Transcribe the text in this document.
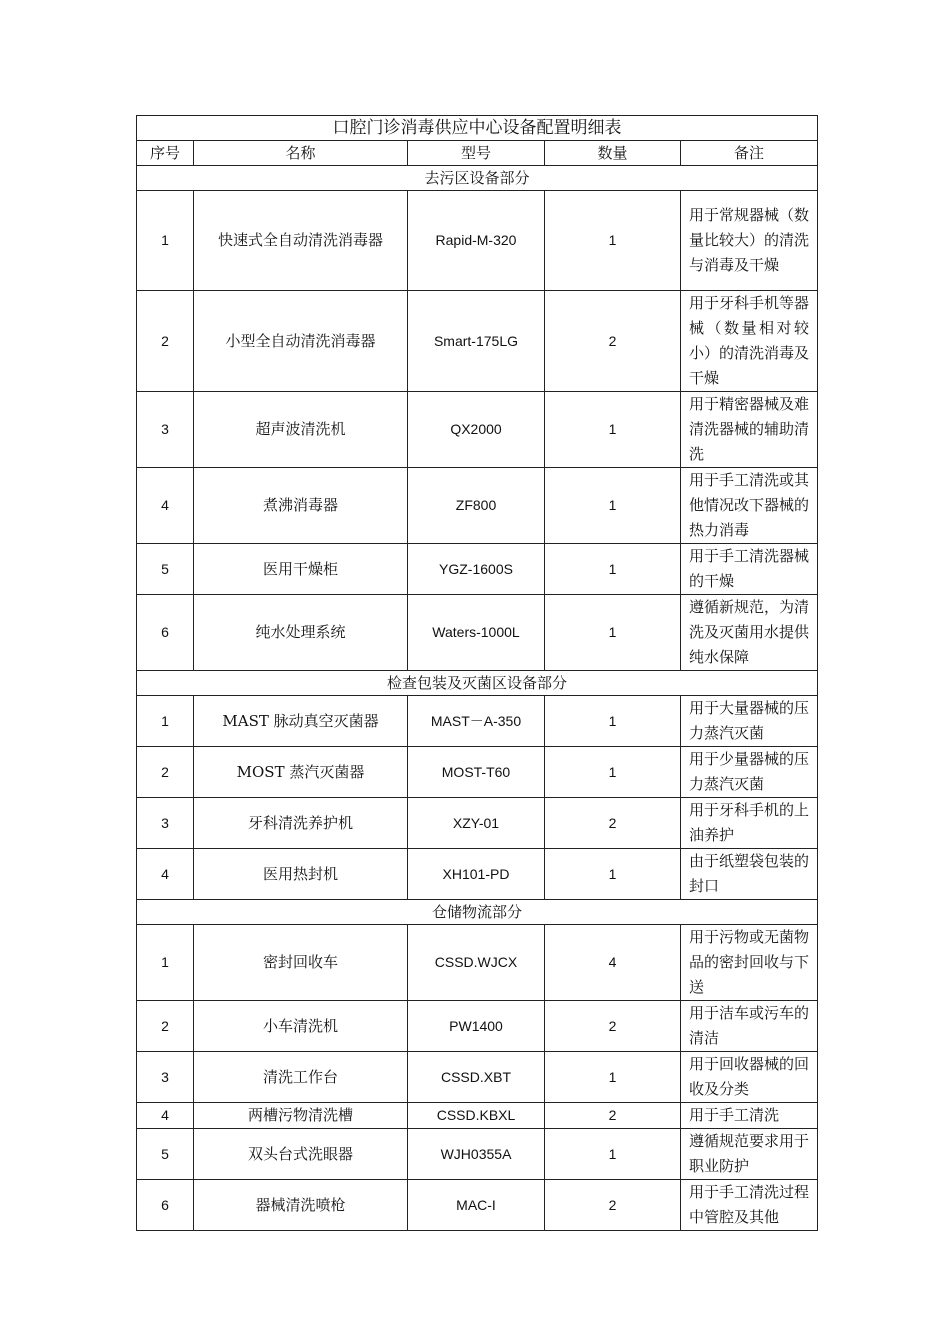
口腔门诊消毒供应中心设备配置明细表				
序号	名称	型号	数量	备注
去污区设备部分				
1	快速式全自动清洗消毒器	Rapid-M-320	1	用于常规器械（数量比较大）的清洗与消毒及干燥
2	小型全自动清洗消毒器	Smart-175LG	2	用于牙科手机等器械（数量相对较小）的清洗消毒及干燥
3	超声波清洗机	QX2000	1	用于精密器械及难清洗器械的辅助清洗
4	煮沸消毒器	ZF800	1	用于手工清洗或其他情况改下器械的热力消毒
5	医用干燥柜	YGZ-1600S	1	用于手工清洗器械的干燥
6	纯水处理系统	Waters-1000L	1	遵循新规范，为清洗及灭菌用水提供纯水保障
检查包装及灭菌区设备部分				
1	MAST 脉动真空灭菌器	MAST－A-350	1	用于大量器械的压力蒸汽灭菌
2	MOST 蒸汽灭菌器	MOST-T60	1	用于少量器械的压力蒸汽灭菌
3	牙科清洗养护机	XZY-01	2	用于牙科手机的上油养护
4	医用热封机	XH101-PD	1	由于纸塑袋包装的封口
仓储物流部分				
1	密封回收车	CSSD.WJCX	4	用于污物或无菌物品的密封回收与下送
2	小车清洗机	PW1400	2	用于洁车或污车的清洁
3	清洗工作台	CSSD.XBT	1	用于回收器械的回收及分类
4	两槽污物清洗槽	CSSD.KBXL	2	用于手工清洗
5	双头台式洗眼器	WJH0355A	1	遵循规范要求用于职业防护
6	器械清洗喷枪	MAC-I	2	用于手工清洗过程中管腔及其他
